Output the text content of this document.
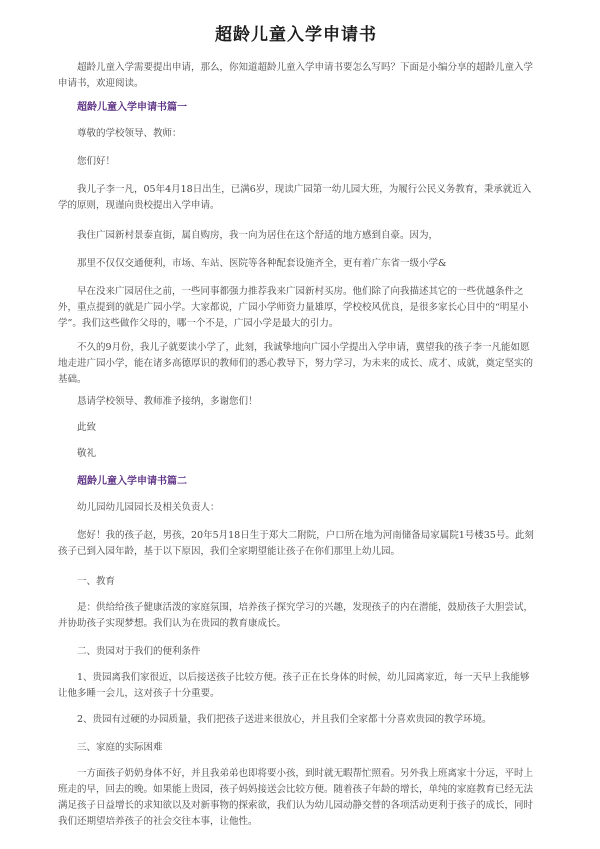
超龄儿童入学申请书

超龄儿童入学需要提出申请，那么，你知道超龄儿童入学申请书要怎么写吗？下面是小编分享的超龄儿童入学申请书，欢迎阅读。

超龄儿童入学申请书篇一

尊敬的学校领导、教师：

您们好！

我儿子李一凡，05年4月18日出生，已满6岁，现读广园第一幼儿园大班，为履行公民义务教育，秉承就近入学的原则，现谨向贵校提出入学申请。

我住广园新村景泰直街，属自购房，我一向为居住在这个舒适的地方感到自豪。因为，

那里不仅仅交通便利，市场、车站、医院等各种配套设施齐全，更有着广东省一级小学&

早在没来广园居住之前，一些同事都强力推荐我来广园新村买房。他们除了向我描述其它的一些优越条件之外，重点提到的就是广园小学。大家都说，广园小学师资力量雄厚，学校校风优良，是很多家长心目中的“明星小学”。我们这些做作父母的，哪一个不是，广园小学是最大的引力。

不久的9月份，我儿子就要读小学了，此刻，我诚挚地向广园小学提出入学申请，冀望我的孩子李一凡能如愿地走进广园小学，能在诸多高德厚识的教师们的悉心教导下，努力学习，为未来的成长、成才、成就，奠定坚实的基础。

恳请学校领导、教师准予接纳，多谢您们！

此致

敬礼

超龄儿童入学申请书篇二

幼儿园幼儿园园长及相关负责人：

您好！我的孩子赵，男孩，20年5月18日生于郑大二附院，户口所在地为河南储备局家属院1号楼35号。此刻孩子已到入园年龄，基于以下原因，我们全家期望能让孩子在你们那里上幼儿园。

一、教育

是：供给给孩子健康活泼的家庭氛围，培养孩子探究学习的兴趣，发现孩子的内在潜能，鼓励孩子大胆尝试，并协助孩子实现梦想。我们认为在贵园的教育康成长。

二、贵园对于我们的便利条件

1、贵园离我们家很近，以后接送孩子比较方便。孩子正在长身体的时候，幼儿园离家近，每一天早上我能够让他多睡一会儿，这对孩子十分重要。

2、贵园有过硬的办园质量，我们把孩子送进来很放心，并且我们全家都十分喜欢贵园的教学环境。

三、家庭的实际困难

一方面孩子奶奶身体不好，并且我弟弟也即将要小孩，到时就无暇帮忙照看。另外我上班离家十分远，平时上班走的早，回去的晚。如果能上贵园，孩子妈妈接送会比较方便。随着孩子年龄的增长，单纯的家庭教育已经无法满足孩子日益增长的求知欲以及对新事物的探索欲，我们认为幼儿园动静交替的各项活动更利于孩子的成长，同时我们还期望培养孩子的社会交往本事，让他性。
